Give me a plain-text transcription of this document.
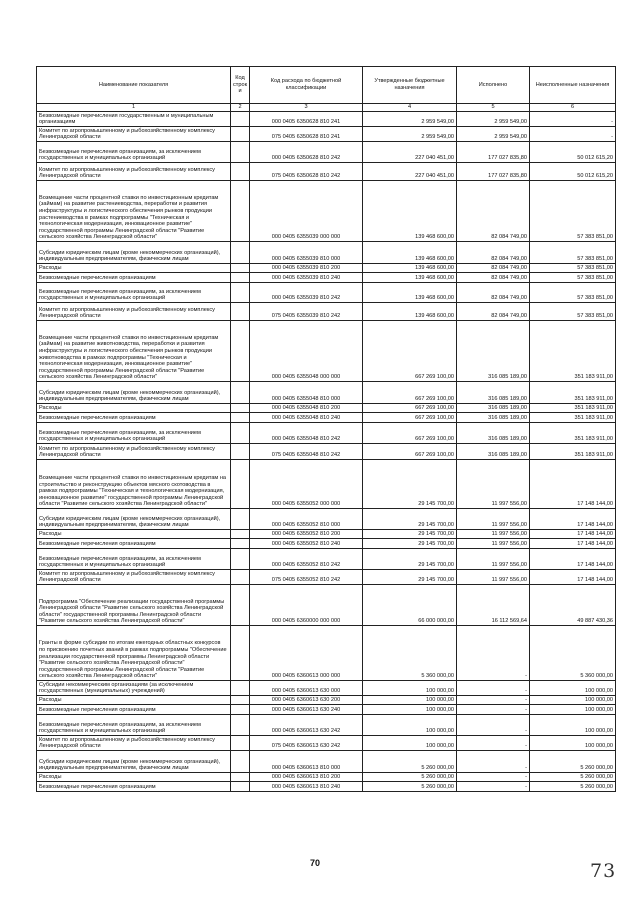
Наименование показателя	Код строк и	Код расхода по бюджетной классификации	Утвержденные бюджетные назначения	Исполнено	Неисполненные назначения
1	2	3	4	5	6
Безвозмездные перечисления государственным и муниципальным организациям		000 0405 6350628 810 241	2 959 549,00	2 959 549,00	-
Комитет по агропромышленному и рыбохозяйственному комплексу Ленинградской области		075 0405 6350628 810 241	2 959 549,00	2 959 549,00	-
Безвозмездные перечисления организациям, за исключением государственных и муниципальных организаций		000 0405 6350628 810 242	227 040 451,00	177 027 835,80	50 012 615,20
Комитет по агропромышленному и рыбохозяйственному комплексу Ленинградской области		075 0405 6350628 810 242	227 040 451,00	177 027 835,80	50 012 615,20
Возмещение части процентной ставки по инвестиционным кредитам (займам) на развитие растениеводства, переработки и развития инфраструктуры и логистического обеспечения рынков продукции растениеводства в рамках подпрограммы "Техническая и технологическая модернизация, инновационное развитие" государственной программы Ленинградской области "Развитие сельского хозяйства Ленинградской области"		000 0405 6355039 000 000	139 468 600,00	82 084 749,00	57 383 851,00
Субсидии юридическим лицам (кроме некоммерческих организаций), индивидуальным предпринимателям, физическим лицам		000 0405 6355039 810 000	139 468 600,00	82 084 749,00	57 383 851,00
Расходы		000 0405 6355039 810 200	139 468 600,00	82 084 749,00	57 383 851,00
Безвозмездные перечисления организациям		000 0405 6355039 810 240	139 468 600,00	82 084 749,00	57 383 851,00
Безвозмездные перечисления организациям, за исключением государственных и муниципальных организаций		000 0405 6355039 810 242	139 468 600,00	82 084 749,00	57 383 851,00
Комитет по агропромышленному и рыбохозяйственному комплексу Ленинградской области		075 0405 6355039 810 242	139 468 600,00	82 084 749,00	57 383 851,00
Возмещение части процентной ставки по инвестиционным кредитам (займам) на развитие животноводства, переработки и развития инфраструктуры и логистического обеспечения рынков продукции животноводства в рамках подпрограммы "Техническая и технологическая модернизация, инновационное развитие" государственной программы Ленинградской области "Развитие сельского хозяйства Ленинградской области"		000 0405 6355048 000 000	667 269 100,00	316 085 189,00	351 183 911,00
Субсидии юридическим лицам (кроме некоммерческих организаций), индивидуальным предпринимателям, физическим лицам		000 0405 6355048 810 000	667 269 100,00	316 085 189,00	351 183 911,00
Расходы		000 0405 6355048 810 200	667 269 100,00	316 085 189,00	351 183 911,00
Безвозмездные перечисления организациям		000 0405 6355048 810 240	667 269 100,00	316 085 189,00	351 183 911,00
Безвозмездные перечисления организациям, за исключением государственных и муниципальных организаций		000 0405 6355048 810 242	667 269 100,00	316 085 189,00	351 183 911,00
Комитет по агропромышленному и рыбохозяйственному комплексу Ленинградской области		075 0405 6355048 810 242	667 269 100,00	316 085 189,00	351 183 911,00
Возмещение части процентной ставки по инвестиционным кредитам на строительство и реконструкцию объектов мясного скотоводства в рамках подпрограммы "Техническая и технологическая модернизация, инновационное развитие" государственной программы Ленинградской области "Развитие сельского хозяйства Ленинградской области"		000 0405 6355052 000 000	29 145 700,00	11 997 556,00	17 148 144,00
Субсидии юридическим лицам (кроме некоммерческих организаций), индивидуальным предпринимателям, физическим лицам		000 0405 6355052 810 000	29 145 700,00	11 997 556,00	17 148 144,00
Расходы		000 0405 6355052 810 200	29 145 700,00	11 997 556,00	17 148 144,00
Безвозмездные перечисления организациям		000 0405 6355052 810 240	29 145 700,00	11 997 556,00	17 148 144,00
Безвозмездные перечисления организациям, за исключением государственных и муниципальных организаций		000 0405 6355052 810 242	29 145 700,00	11 997 556,00	17 148 144,00
Комитет по агропромышленному и рыбохозяйственному комплексу Ленинградской области		075 0405 6355052 810 242	29 145 700,00	11 997 556,00	17 148 144,00
Подпрограмма "Обеспечение реализации государственной программы Ленинградской области "Развитие сельского хозяйства Ленинградской области" государственной программы Ленинградской области "Развитие сельского хозяйства Ленинградской области"		000 0405 6360000 000 000	66 000 000,00	16 112 569,64	49 887 430,36
Гранты в форме субсидии по итогам ежегодных областных конкурсов по присвоению почетных званий в рамках подпрограммы "Обеспечение реализации государственной программы Ленинградской области "Развитие сельского хозяйства Ленинградской области" государственной программы Ленинградской области "Развитие сельского хозяйства Ленинградской области"		000 0405 6360613 000 000	5 360 000,00	-	5 360 000,00
Субсидии некоммерческим организациям (за исключением государственных (муниципальных) учреждений)		000 0405 6360613 630 000	100 000,00	-	100 000,00
Расходы		000 0405 6360613 630 200	100 000,00	-	100 000,00
Безвозмездные перечисления организациям		000 0405 6360613 630 240	100 000,00	-	100 000,00
Безвозмездные перечисления организациям, за исключением государственных и муниципальных организаций		000 0405 6360613 630 242	100 000,00	-	100 000,00
Комитет по агропромышленному и рыбохозяйственному комплексу Ленинградской области		075 0405 6360613 630 242	100 000,00	-	100 000,00
Субсидии юридическим лицам (кроме некоммерческих организаций), индивидуальным предпринимателям, физическим лицам		000 0405 6360613 810 000	5 260 000,00	-	5 260 000,00
Расходы		000 0405 6360613 810 200	5 260 000,00	-	5 260 000,00
Безвозмездные перечисления организациям		000 0405 6360613 810 240	5 260 000,00	-	5 260 000,00
70	73
